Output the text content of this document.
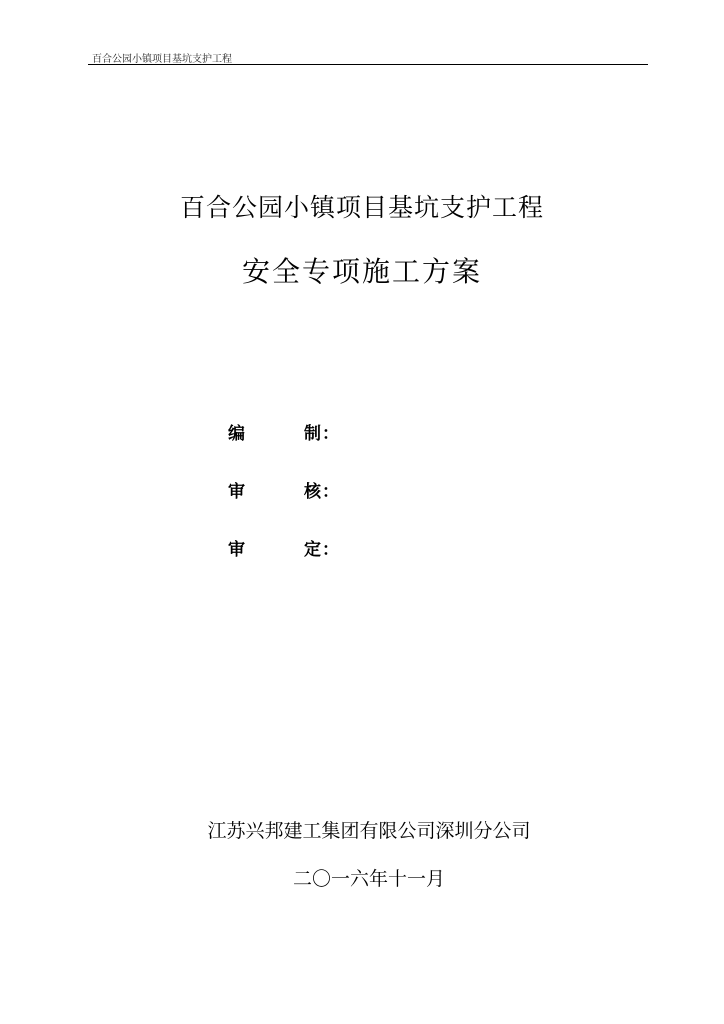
百合公园小镇项目基坑支护工程
百合公园小镇项目基坑支护工程
安全专项施工方案
编	制 ：
审	核 ：
审	定 ：
江苏兴邦建工集团有限公司深圳分公司
二〇一六年十一月
